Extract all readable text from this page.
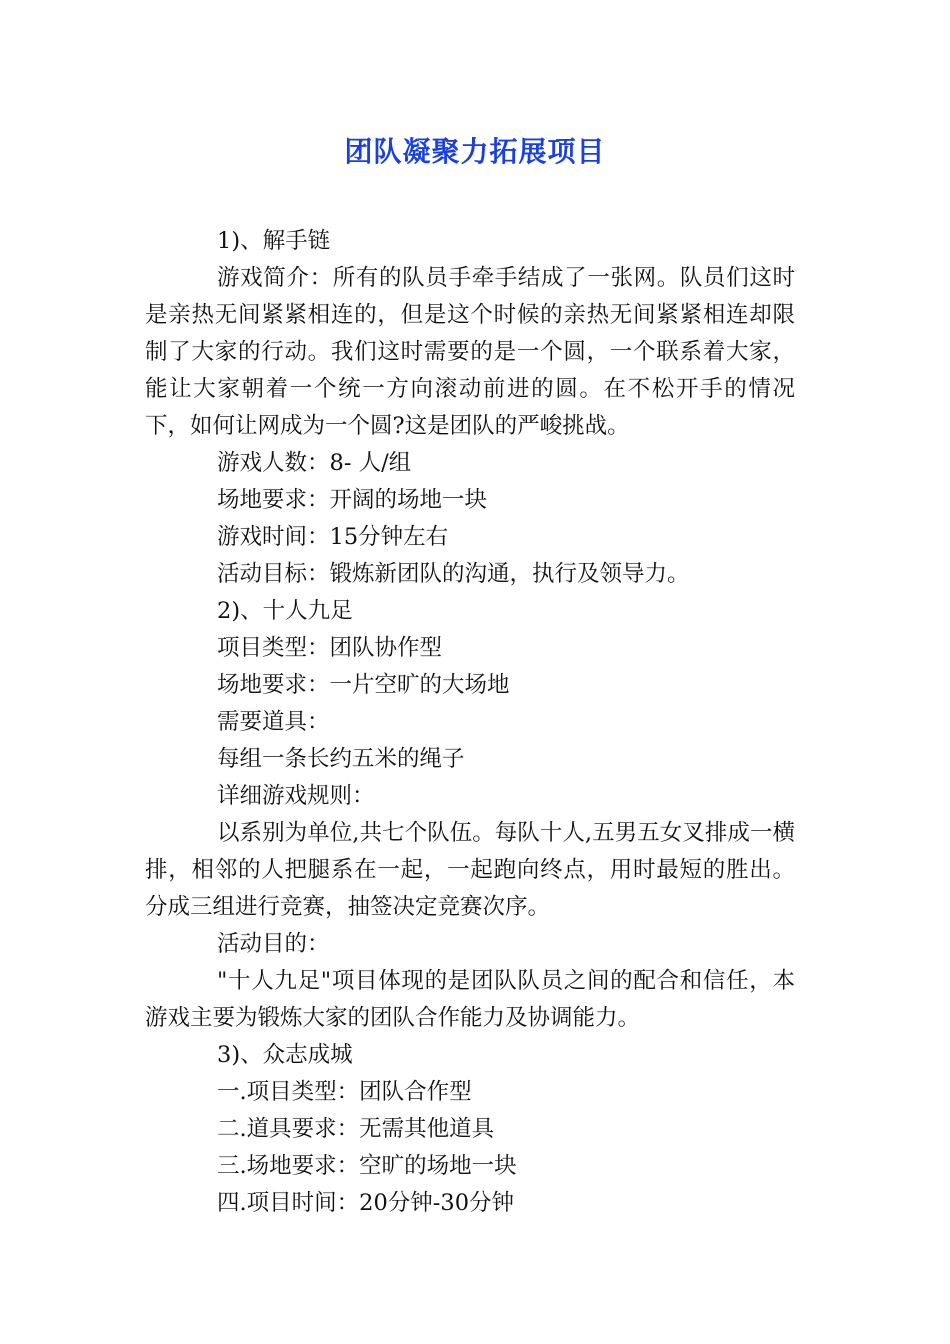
团队凝聚力拓展项目

1)、解手链

游戏简介：所有的队员手牵手结成了一张网。队员们这时是亲热无间紧紧相连的，但是这个时候的亲热无间紧紧相连却限制了大家的行动。我们这时需要的是一个圆，一个联系着大家，能让大家朝着一个统一方向滚动前进的圆。在不松开手的情况下，如何让网成为一个圆?这是团队的严峻挑战。

游戏人数：8- 人/组

场地要求：开阔的场地一块

游戏时间：15分钟左右

活动目标：锻炼新团队的沟通，执行及领导力。

2)、十人九足

项目类型：团队协作型

场地要求：一片空旷的大场地

需要道具：

每组一条长约五米的绳子

详细游戏规则：

以系别为单位,共七个队伍。每队十人,五男五女叉排成一横排，相邻的人把腿系在一起，一起跑向终点，用时最短的胜出。分成三组进行竞赛，抽签决定竞赛次序。

活动目的：

"十人九足"项目体现的是团队队员之间的配合和信任，本游戏主要为锻炼大家的团队合作能力及协调能力。

3)、众志成城

一.项目类型：团队合作型

二.道具要求：无需其他道具

三.场地要求：空旷的场地一块

四.项目时间：20分钟-30分钟
